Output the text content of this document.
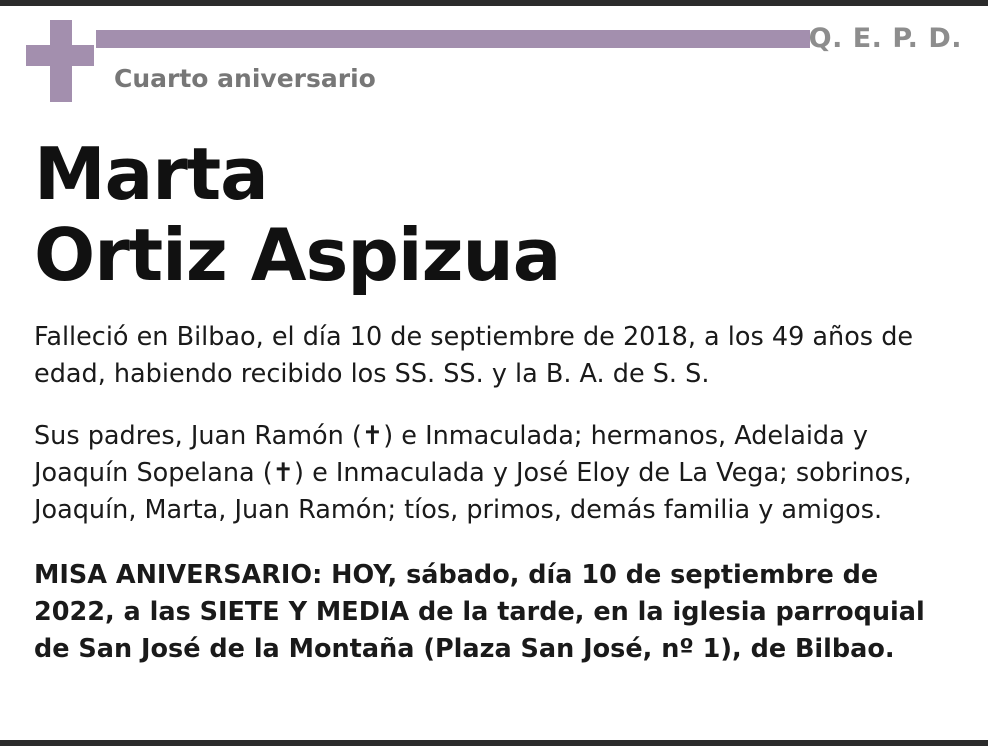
Q. E. P. D.
Cuarto aniversario
Marta
Ortiz Aspizua

Falleció en Bilbao, el día 10 de septiembre de 2018, a los 49 años de edad, habiendo recibido los SS. SS. y la B. A. de S. S.

Sus padres, Juan Ramón (✝) e Inmaculada; hermanos, Adelaida y Joaquín Sopelana (✝) e Inmaculada y José Eloy de La Vega; sobrinos, Joaquín, Marta, Juan Ramón; tíos, primos, demás familia y amigos.

MISA ANIVERSARIO: HOY, sábado, día 10 de septiembre de 2022, a las SIETE Y MEDIA de la tarde, en la iglesia parroquial de San José de la Montaña (Plaza San José, nº 1), de Bilbao.
